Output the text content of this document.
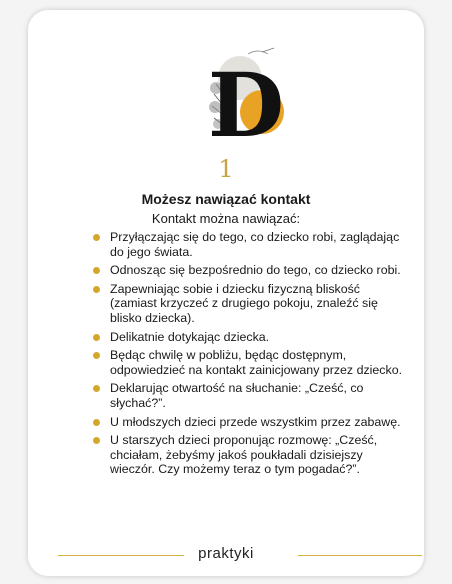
D
1
Możesz nawiązać kontakt
Kontakt można nawiązać:
Przyłączając się do tego, co dziecko robi, zaglądając do jego świata.
Odnosząc się bezpośrednio do tego, co dziecko robi.
Zapewniając sobie i dziecku fizyczną bliskość (zamiast krzyczeć z drugiego pokoju, znaleźć się blisko dziecka).
Delikatnie dotykając dziecka.
Będąc chwilę w pobliżu, będąc dostępnym, odpowiedzieć na kontakt zainicjowany przez dziecko.
Deklarując otwartość na słuchanie: „Cześć, co słychać?”.
U młodszych dzieci przede wszystkim przez zabawę.
U starszych dzieci proponując rozmowę: „Cześć, chciałam, żebyśmy jakoś poukładali dzisiejszy wieczór. Czy możemy teraz o tym pogadać?”.
praktyki
